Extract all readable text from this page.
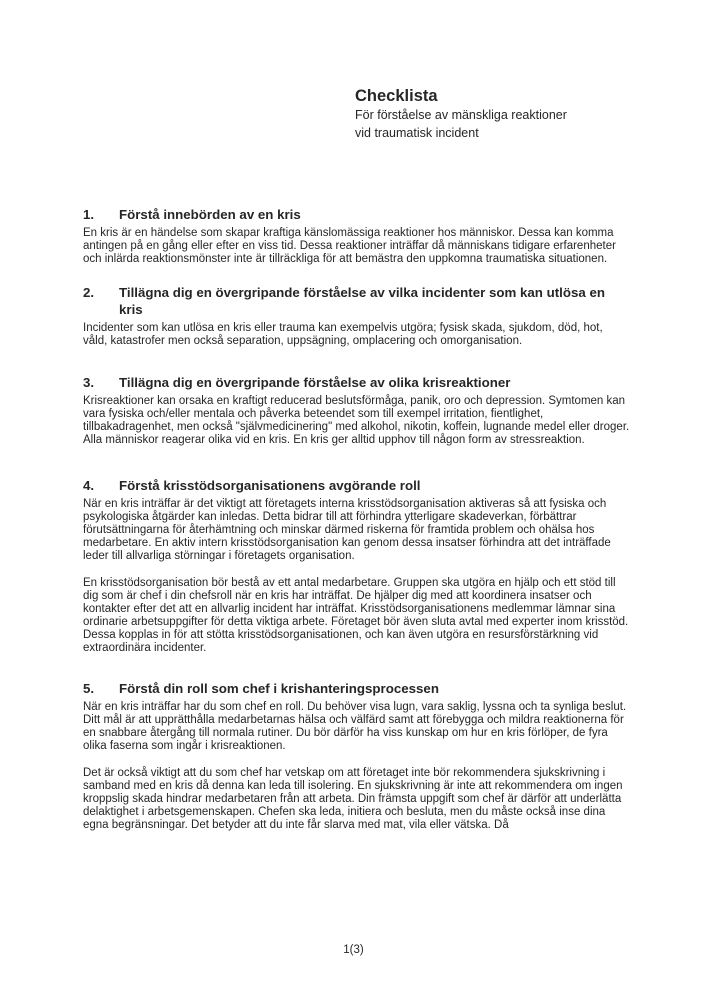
Checklista

För förståelse av mänskliga reaktioner

vid traumatisk incident

1.	Förstå innebörden av en kris

En kris är en händelse som skapar kraftiga känslomässiga reaktioner hos människor. Dessa kan komma antingen på en gång eller efter en viss tid. Dessa reaktioner inträffar då människans tidigare erfarenheter och inlärda reaktionsmönster inte är tillräckliga för att bemästra den uppkomna traumatiska situationen.

2.	Tillägna dig en övergripande förståelse av vilka incidenter som kan utlösa en kris

Incidenter som kan utlösa en kris eller trauma kan exempelvis utgöra; fysisk skada, sjukdom, död, hot, våld, katastrofer men också separation, uppsägning, omplacering och omorganisation.

3.	Tillägna dig en övergripande förståelse av olika krisreaktioner

Krisreaktioner kan orsaka en kraftigt reducerad beslutsförmåga, panik, oro och depression. Symtomen kan vara fysiska och/eller mentala och påverka beteendet som till exempel irritation, fientlighet, tillbakadragenhet, men också "självmedicinering" med alkohol, nikotin, koffein, lugnande medel eller droger. Alla människor reagerar olika vid en kris. En kris ger alltid upphov till någon form av stressreaktion.

4.	Förstå krisstödsorganisationens avgörande roll

När en kris inträffar är det viktigt att företagets interna krisstödsorganisation aktiveras så att fysiska och psykologiska åtgärder kan inledas. Detta bidrar till att förhindra ytterligare skadeverkan, förbättrar förutsättningarna för återhämtning och minskar därmed riskerna för framtida problem och ohälsa hos medarbetare. En aktiv intern krisstödsorganisation kan genom dessa insatser förhindra att det inträffade leder till allvarliga störningar i företagets organisation.

En krisstödsorganisation bör bestå av ett antal medarbetare. Gruppen ska utgöra en hjälp och ett stöd till dig som är chef i din chefsroll när en kris har inträffat. De hjälper dig med att koordinera insatser och kontakter efter det att en allvarlig incident har inträffat. Krisstödsorganisationens medlemmar lämnar sina ordinarie arbetsuppgifter för detta viktiga arbete. Företaget bör även sluta avtal med experter inom krisstöd. Dessa kopplas in för att stötta krisstödsorganisationen, och kan även utgöra en resursförstärkning vid extraordinära incidenter.

5.	Förstå din roll som chef i krishanteringsprocessen

När en kris inträffar har du som chef en roll. Du behöver visa lugn, vara saklig, lyssna och ta synliga beslut. Ditt mål är att upprätthålla medarbetarnas hälsa och välfärd samt att förebygga och mildra reaktionerna för en snabbare återgång till normala rutiner. Du bör därför ha viss kunskap om hur en kris förlöper, de fyra olika faserna som ingår i krisreaktionen.

Det är också viktigt att du som chef har vetskap om att företaget inte bör rekommendera sjukskrivning i samband med en kris då denna kan leda till isolering. En sjukskrivning är inte att rekommendera om ingen kroppslig skada hindrar medarbetaren från att arbeta. Din främsta uppgift som chef är därför att underlätta delaktighet i arbetsgemenskapen. Chefen ska leda, initiera och besluta, men du måste också inse dina egna begränsningar. Det betyder att du inte får slarva med mat, vila eller vätska. Då

1(3)
